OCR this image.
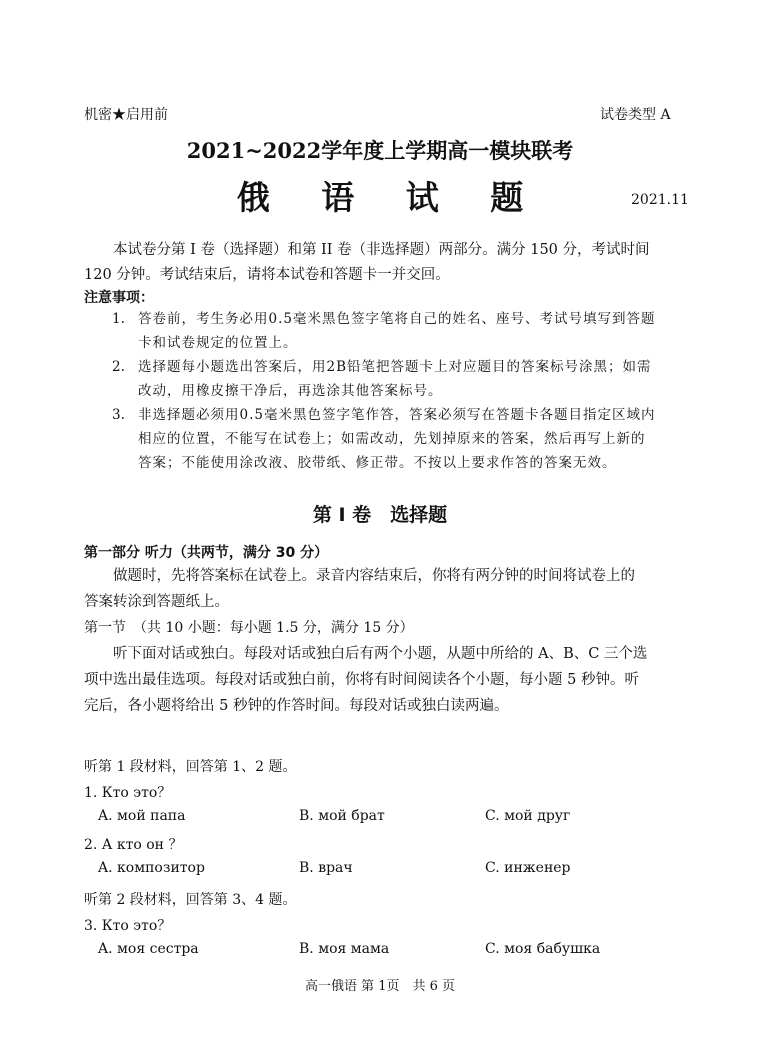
机密★启用前	试卷类型 A
2021~2022学年度上学期高一模块联考
俄 语 试 题	2021.11
本试卷分第 I 卷（选择题）和第 II 卷（非选择题）两部分。满分 150 分，考试时间
120 分钟。考试结束后，请将本试卷和答题卡一并交回。
注意事项：
1. 答卷前，考生务必用0.5毫米黑色签字笔将自己的姓名、座号、考试号填写到答题
卡和试卷规定的位置上。
2. 选择题每小题选出答案后，用2B铅笔把答题卡上对应题目的答案标号涂黑；如需
改动，用橡皮擦干净后，再选涂其他答案标号。
3. 非选择题必须用0.5毫米黑色签字笔作答，答案必须写在答题卡各题目指定区域内
相应的位置，不能写在试卷上；如需改动，先划掉原来的答案，然后再写上新的
答案；不能使用涂改液、胶带纸、修正带。不按以上要求作答的答案无效。
第 Ⅰ 卷　选择题
第一部分 听力（共两节，满分 30 分）
做题时，先将答案标在试卷上。录音内容结束后，你将有两分钟的时间将试卷上的
答案转涂到答题纸上。
第一节　（共 10 小题：每小题 1.5 分，满分 15 分）
听下面对话或独白。每段对话或独白后有两个小题，从题中所给的 A、B、C 三个选
项中选出最佳选项。每段对话或独白前，你将有时间阅读各个小题，每小题 5 秒钟。听
完后，各小题将给出 5 秒钟的作答时间。每段对话或独白读两遍。
听第 1 段材料，回答第 1、2 题。
1. Кто это？
A. мой папа	B. мой брат	C. мой друг
2. А кто он ？
A. композитор	B. врач	C. инженер
听第 2 段材料，回答第 3、4 题。
3. Кто это？
A. моя сестра	B. моя мама	C. моя бабушка
高一俄语 第 1页　共 6 页
